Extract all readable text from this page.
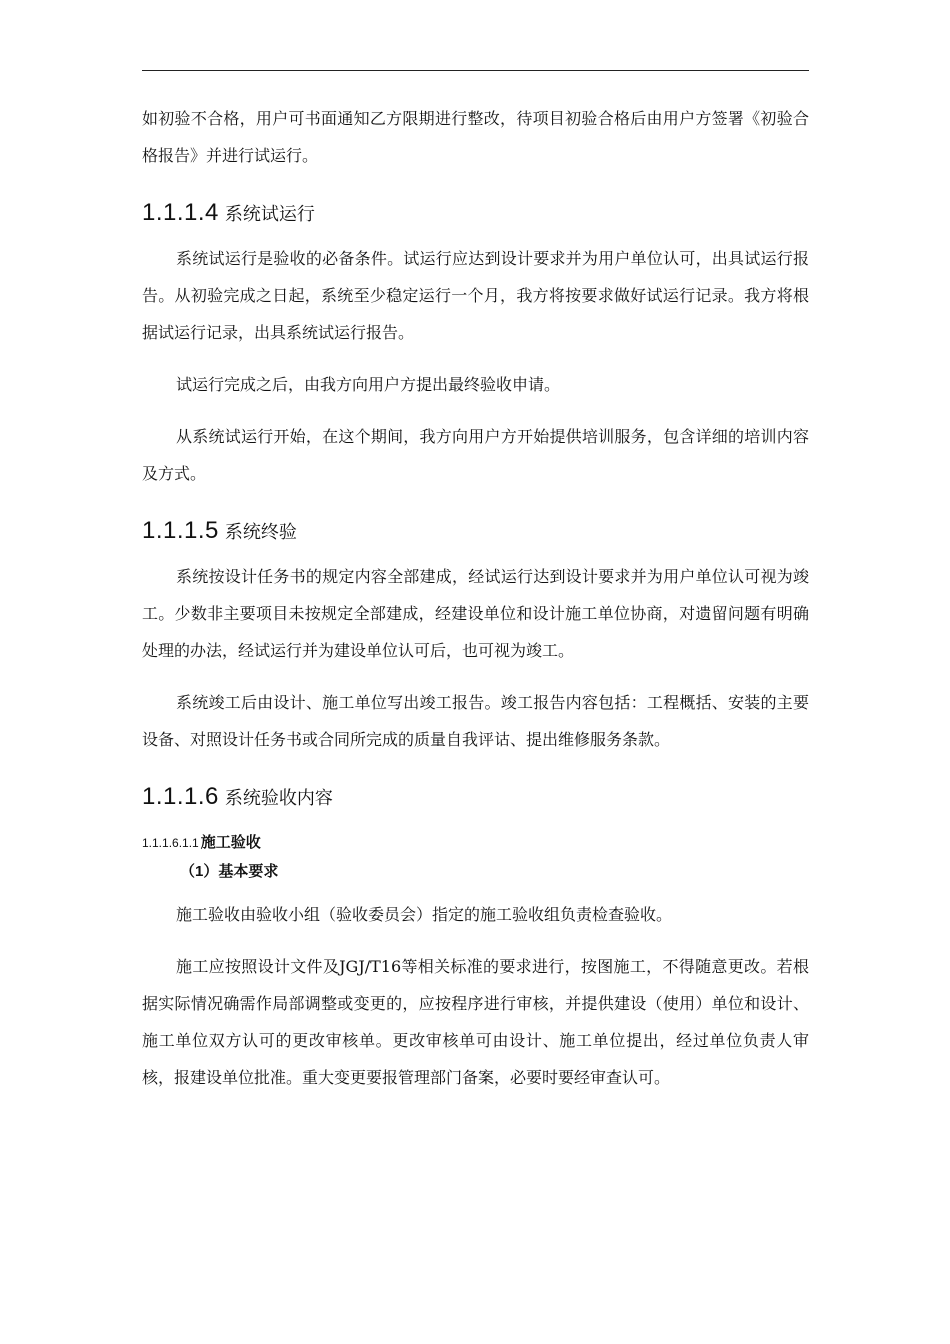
如初验不合格，用户可书面通知乙方限期进行整改，待项目初验合格后由用户方签署《初验合格报告》并进行试运行。

1.1.1.4 系统试运行

系统试运行是验收的必备条件。试运行应达到设计要求并为用户单位认可，出具试运行报告。从初验完成之日起，系统至少稳定运行一个月，我方将按要求做好试运行记录。我方将根据试运行记录，出具系统试运行报告。

试运行完成之后，由我方向用户方提出最终验收申请。

从系统试运行开始，在这个期间，我方向用户方开始提供培训服务，包含详细的培训内容及方式。

1.1.1.5 系统终验

系统按设计任务书的规定内容全部建成，经试运行达到设计要求并为用户单位认可视为竣工。少数非主要项目未按规定全部建成，经建设单位和设计施工单位协商，对遗留问题有明确处理的办法，经试运行并为建设单位认可后，也可视为竣工。

系统竣工后由设计、施工单位写出竣工报告。竣工报告内容包括：工程概括、安装的主要设备、对照设计任务书或合同所完成的质量自我评诂、提出维修服务条款。

1.1.1.6 系统验收内容
1.1.1.6.1.1 施工验收
（1）基本要求

施工验收由验收小组（验收委员会）指定的施工验收组负责检查验收。

施工应按照设计文件及JGJ/T16等相关标准的要求进行，按图施工，不得随意更改。若根据实际情况确需作局部调整或变更的，应按程序进行审核，并提供建设（使用）单位和设计、施工单位双方认可的更改审核单。更改审核单可由设计、施工单位提出，经过单位负责人审核，报建设单位批准。重大变更要报管理部门备案，必要时要经审查认可。
